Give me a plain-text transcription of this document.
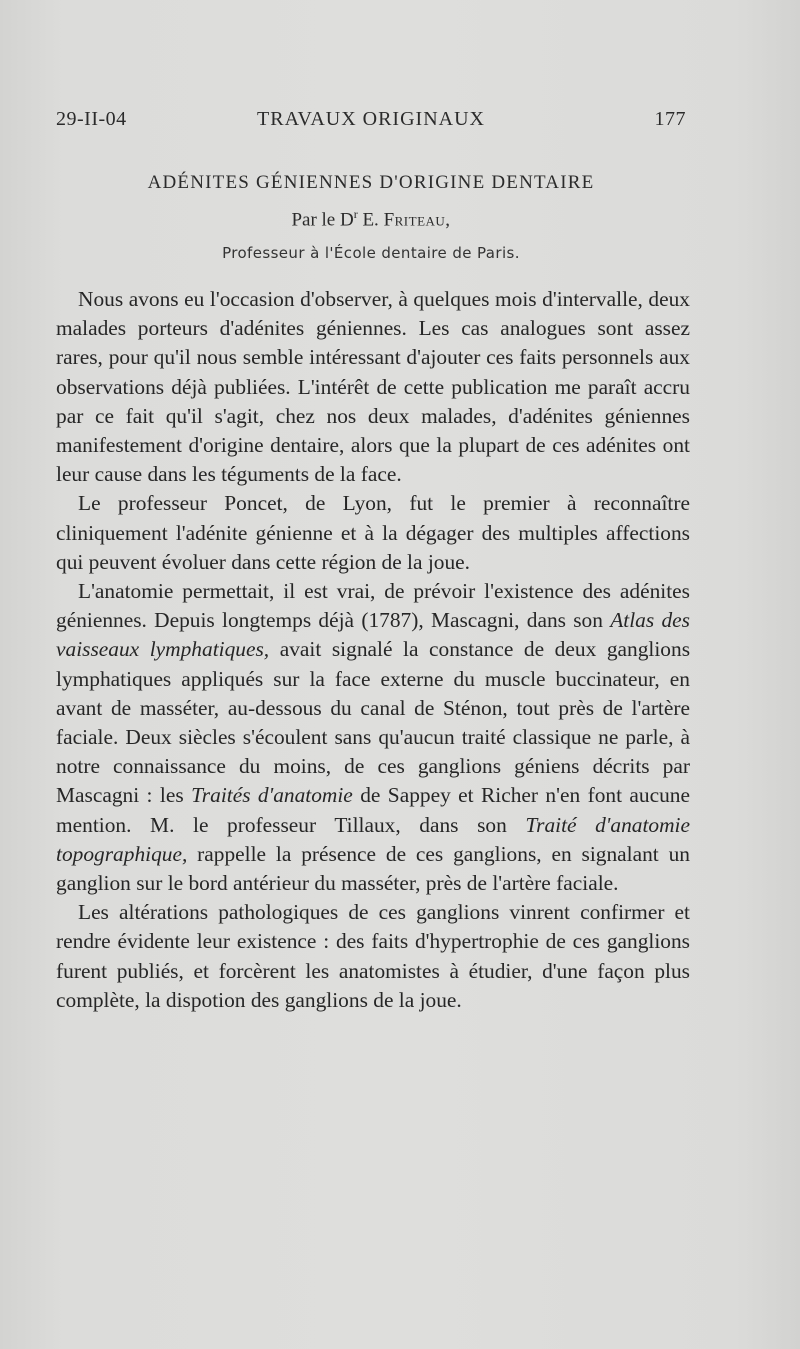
TRAVAUX ORIGINAUX
29-II-04	177
ADÉNITES GÉNIENNES D'ORIGINE DENTAIRE
Par le $D^r$ E. Friteau,
Professeur à l'École dentaire de Paris.

Nous avons eu l'occasion d'observer, à quelques mois d'intervalle, deux malades porteurs d'adénites géniennes. Les cas analogues sont assez rares, pour qu'il nous semble intéressant d'ajouter ces faits personnels aux observations déjà publiées. L'intérêt de cette publication me paraît accru par ce fait qu'il s'agit, chez nos deux malades, d'adénites géniennes manifestement d'origine dentaire, alors que la plupart de ces adénites ont leur cause dans les téguments de la face.

Le professeur Poncet, de Lyon, fut le premier à reconnaître cliniquement l'adénite génienne et à la dégager des multiples affections qui peuvent évoluer dans cette région de la joue.

L'anatomie permettait, il est vrai, de prévoir l'existence des adénites géniennes. Depuis longtemps déjà (1787), Mascagni, dans son Atlas des vaisseaux lymphatiques, avait signalé la constance de deux ganglions lymphatiques appliqués sur la face externe du muscle buccinateur, en avant de masséter, au-dessous du canal de Sténon, tout près de l'artère faciale. Deux siècles s'écoulent sans qu'aucun traité classique ne parle, à notre connaissance du moins, de ces ganglions géniens décrits par Mascagni : les Traités d'anatomie de Sappey et Richer n'en font aucune mention. M. le professeur Tillaux, dans son Traité d'anatomie topographique, rappelle la présence de ces ganglions, en signalant un ganglion sur le bord antérieur du masséter, près de l'artère faciale.

Les altérations pathologiques de ces ganglions vinrent confirmer et rendre évidente leur existence : des faits d'hypertrophie de ces ganglions furent publiés, et forcèrent les anatomistes à étudier, d'une façon plus complète, la dispotion des ganglions de la joue.
